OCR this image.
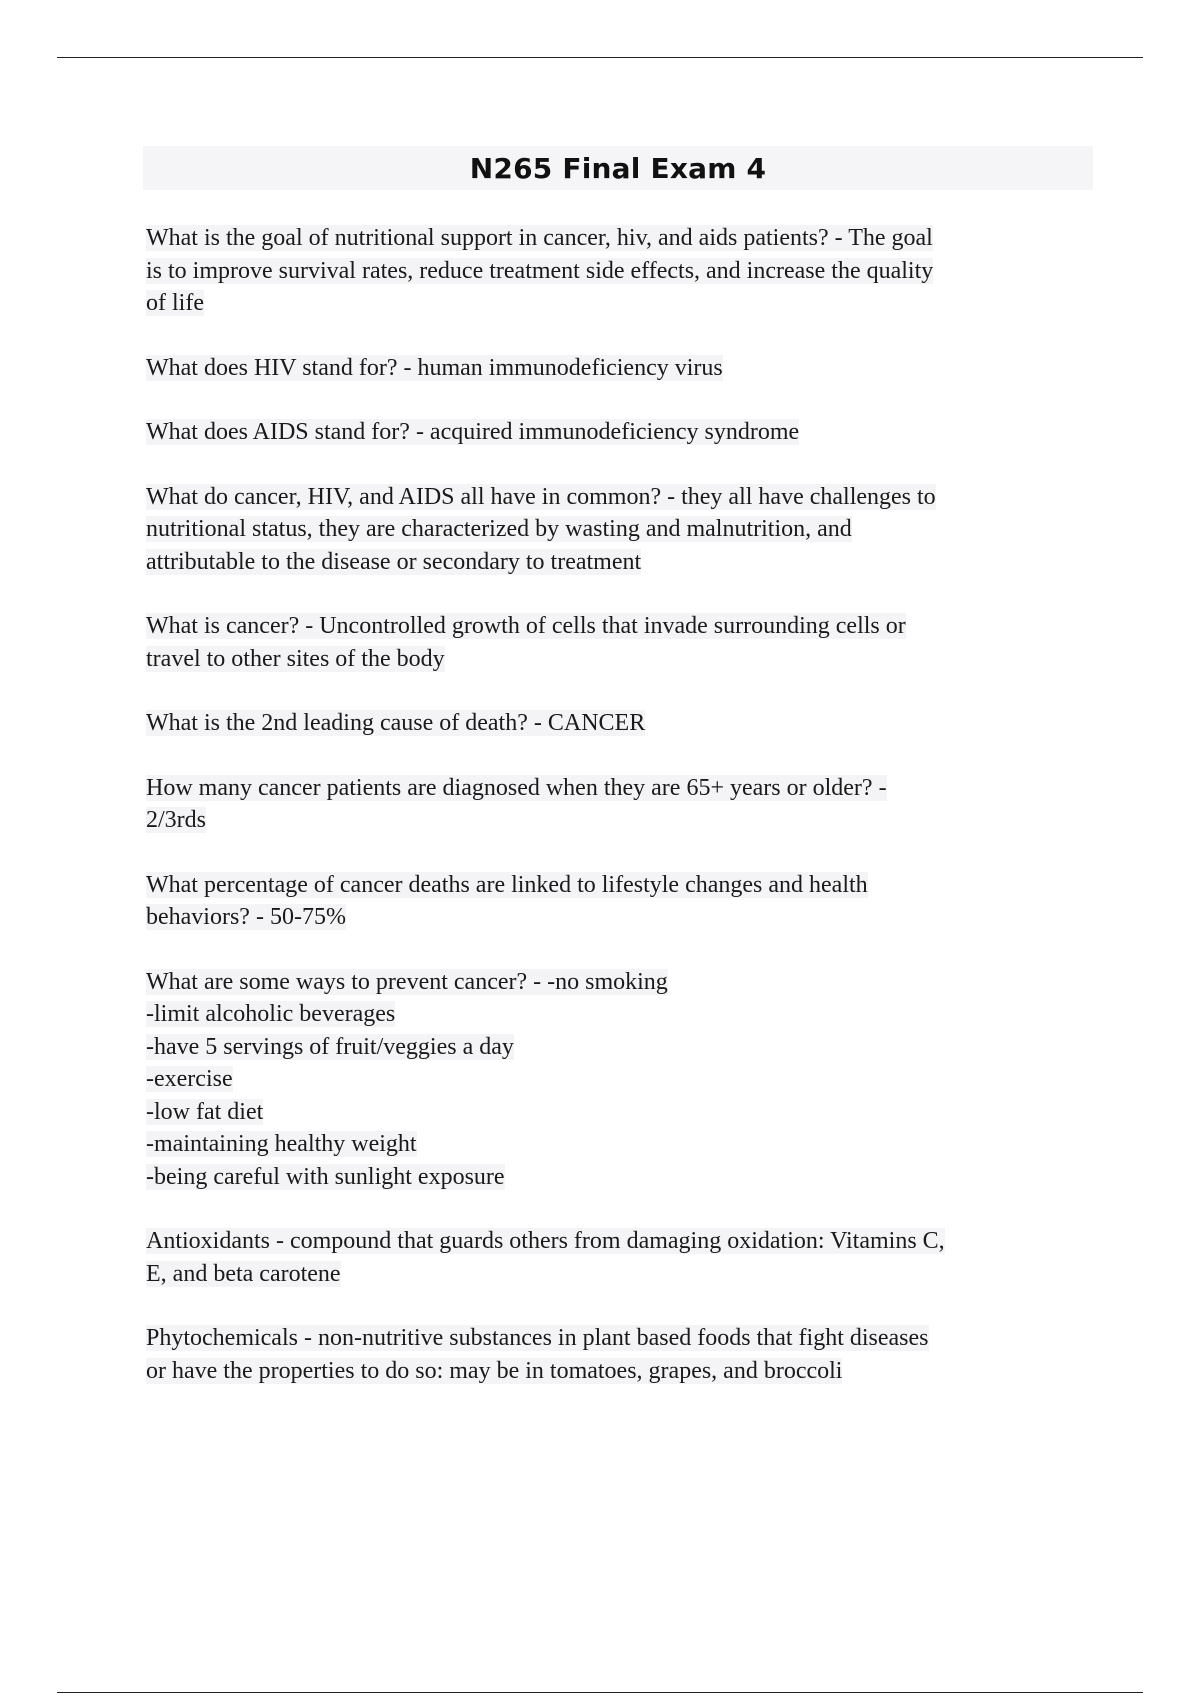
N265 Final Exam 4
What is the goal of nutritional support in cancer, hiv, and aids patients? - The goal
is to improve survival rates, reduce treatment side effects, and increase the quality
of life
What does HIV stand for? - human immunodeficiency virus
What does AIDS stand for? - acquired immunodeficiency syndrome
What do cancer, HIV, and AIDS all have in common? - they all have challenges to
nutritional status, they are characterized by wasting and malnutrition, and
attributable to the disease or secondary to treatment
What is cancer? - Uncontrolled growth of cells that invade surrounding cells or
travel to other sites of the body
What is the 2nd leading cause of death? - CANCER
How many cancer patients are diagnosed when they are 65+ years or older? -
2/3rds
What percentage of cancer deaths are linked to lifestyle changes and health
behaviors? - 50-75%
What are some ways to prevent cancer? - -no smoking
-limit alcoholic beverages
-have 5 servings of fruit/veggies a day
-exercise
-low fat diet
-maintaining healthy weight
-being careful with sunlight exposure
Antioxidants - compound that guards others from damaging oxidation: Vitamins C,
E, and beta carotene
Phytochemicals - non-nutritive substances in plant based foods that fight diseases
or have the properties to do so: may be in tomatoes, grapes, and broccoli
